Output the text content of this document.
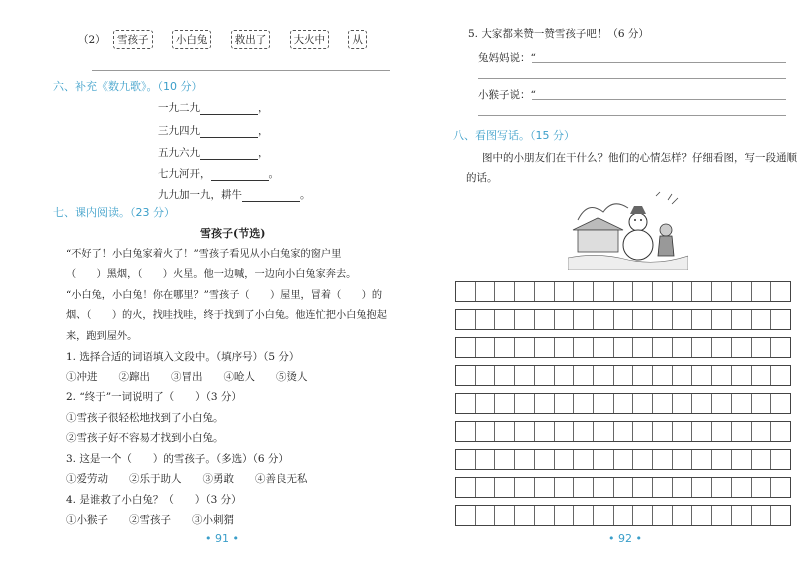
（2） 雪孩子	小白兔	救出了	大火中	从
六、补充《数九歌》。（10 分）
一九二九	，
三九四九	，
五九六九	，
七九河开，	。
九九加一九，耕牛	。
七、课内阅读。（23 分）
雪孩子(节选)
“不好了！小白兔家着火了！”雪孩子看见从小白兔家的窗户里
（　　）黑烟，（　　）火星。他一边喊，一边向小白兔家奔去。
“小白兔，小白兔！你在哪里？”雪孩子（　　）屋里，冒着（　　）的
烟、（　　）的火，找哇找哇，终于找到了小白兔。他连忙把小白兔抱起
来，跑到屋外。
1. 选择合适的词语填入文段中。（填序号）（5 分）
①冲进　　②蹿出　　③冒出　　④呛人　　⑤烫人
2. “终于”一词说明了（　　）（3 分）
①雪孩子很轻松地找到了小白兔。
②雪孩子好不容易才找到小白兔。
3. 这是一个（　　）的雪孩子。（多选）（6 分）
①爱劳动　　②乐于助人　　③勇敢　　④善良无私
4. 是谁救了小白兔？（　　）（3 分）
①小猴子　　②雪孩子　　③小刺猬
• 91 •
5. 大家都来赞一赞雪孩子吧！（6 分）
兔妈妈说：“
小猴子说：“
八、看图写话。（15 分）
图中的小朋友们在干什么？他们的心情怎样？仔细看图，写一段通顺
的话。
• 92 •
